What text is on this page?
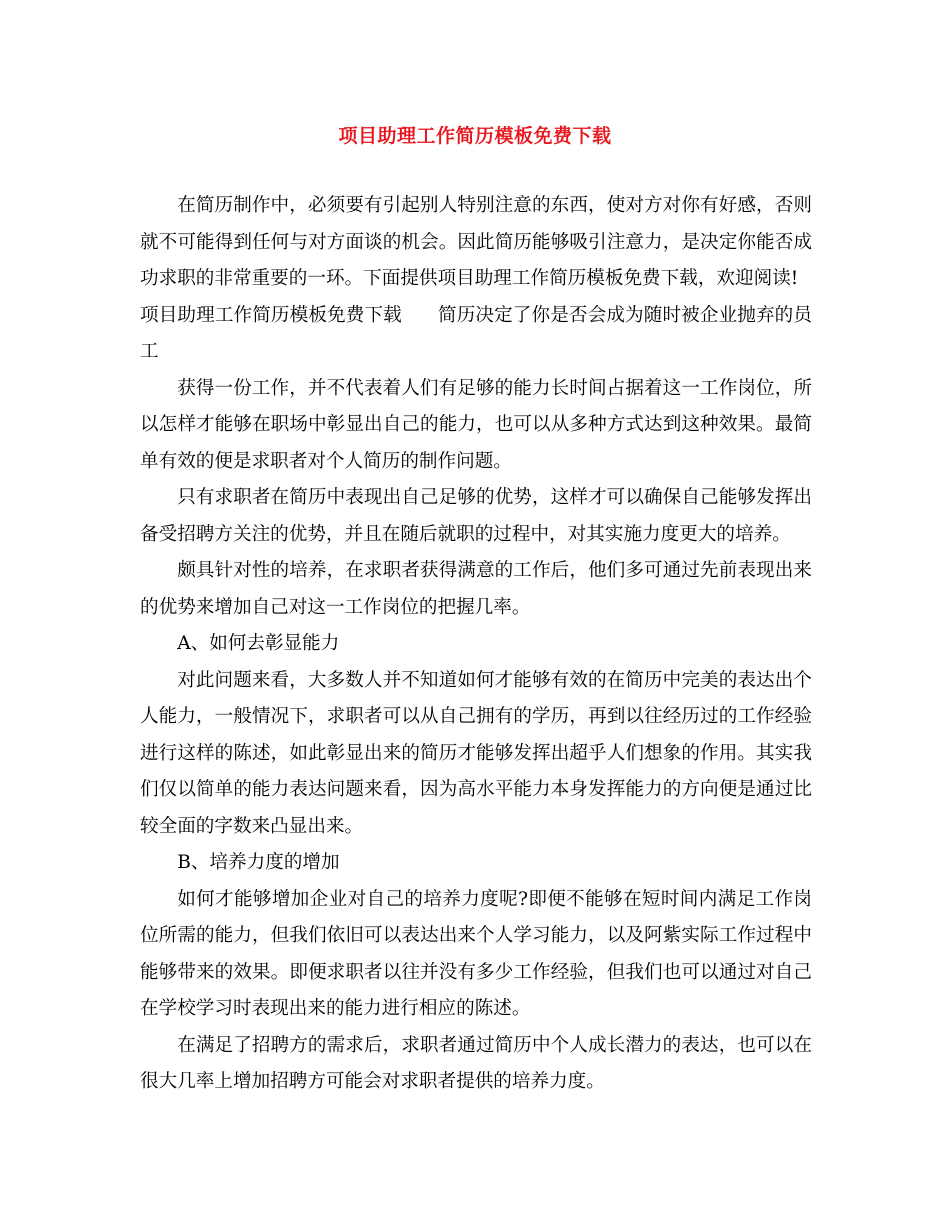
项目助理工作简历模板免费下载

在简历制作中，必须要有引起别人特别注意的东西，使对方对你有好感，否则就不可能得到任何与对方面谈的机会。因此简历能够吸引注意力，是决定你能否成功求职的非常重要的一环。下面提供项目助理工作简历模板免费下载，欢迎阅读!

项目助理工作简历模板免费下载 简历决定了你是否会成为随时被企业抛弃的员工

获得一份工作，并不代表着人们有足够的能力长时间占据着这一工作岗位，所以怎样才能够在职场中彰显出自己的能力，也可以从多种方式达到这种效果。最简单有效的便是求职者对个人简历的制作问题。

只有求职者在简历中表现出自己足够的优势，这样才可以确保自己能够发挥出备受招聘方关注的优势，并且在随后就职的过程中，对其实施力度更大的培养。

颇具针对性的培养，在求职者获得满意的工作后，他们多可通过先前表现出来的优势来增加自己对这一工作岗位的把握几率。

A、如何去彰显能力

对此问题来看，大多数人并不知道如何才能够有效的在简历中完美的表达出个人能力，一般情况下，求职者可以从自己拥有的学历，再到以往经历过的工作经验进行这样的陈述，如此彰显出来的简历才能够发挥出超乎人们想象的作用。其实我们仅以简单的能力表达问题来看，因为高水平能力本身发挥能力的方向便是通过比较全面的字数来凸显出来。

B、培养力度的增加

如何才能够增加企业对自己的培养力度呢?即便不能够在短时间内满足工作岗位所需的能力，但我们依旧可以表达出来个人学习能力，以及阿紫实际工作过程中能够带来的效果。即便求职者以往并没有多少工作经验，但我们也可以通过对自己在学校学习时表现出来的能力进行相应的陈述。

在满足了招聘方的需求后，求职者通过简历中个人成长潜力的表达，也可以在很大几率上增加招聘方可能会对求职者提供的培养力度。
